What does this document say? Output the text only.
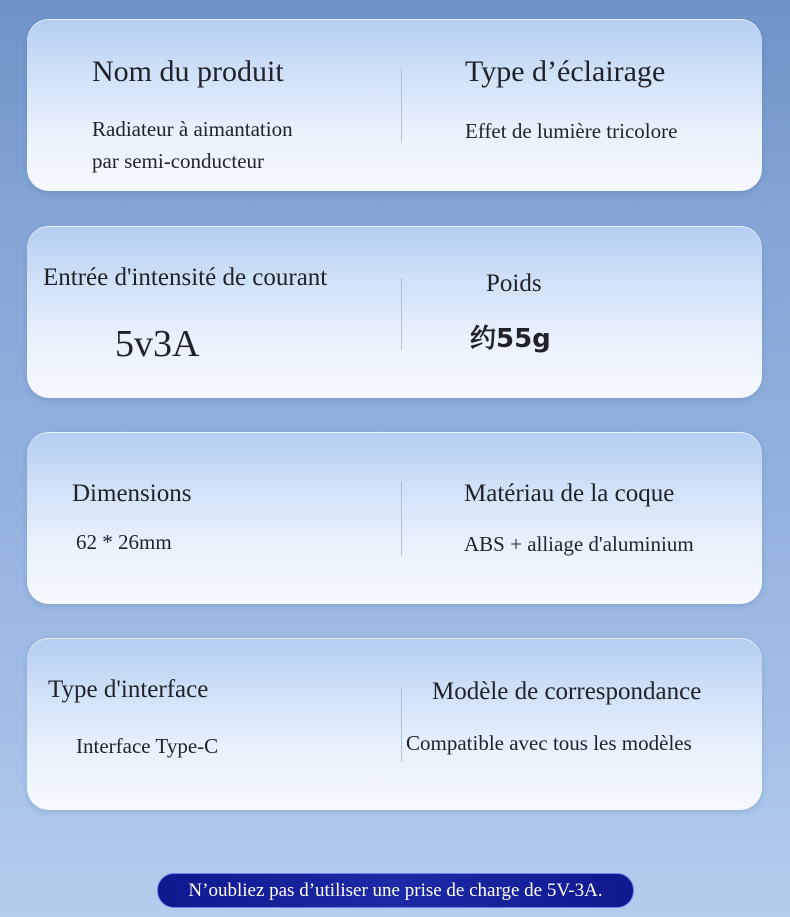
Nom du produit

Radiateur à aimantation

par semi-conducteur

Type d’éclairage

Effet de lumière tricolore

Entrée d'intensité de courant

5v3A

Poids

约55g

Dimensions

62 * 26mm

Matériau de la coque

ABS + alliage d'aluminium

Type d'interface

Interface Type-C

Modèle de correspondance

Compatible avec tous les modèles

N’oubliez pas d’utiliser une prise de charge de 5V-3A.
